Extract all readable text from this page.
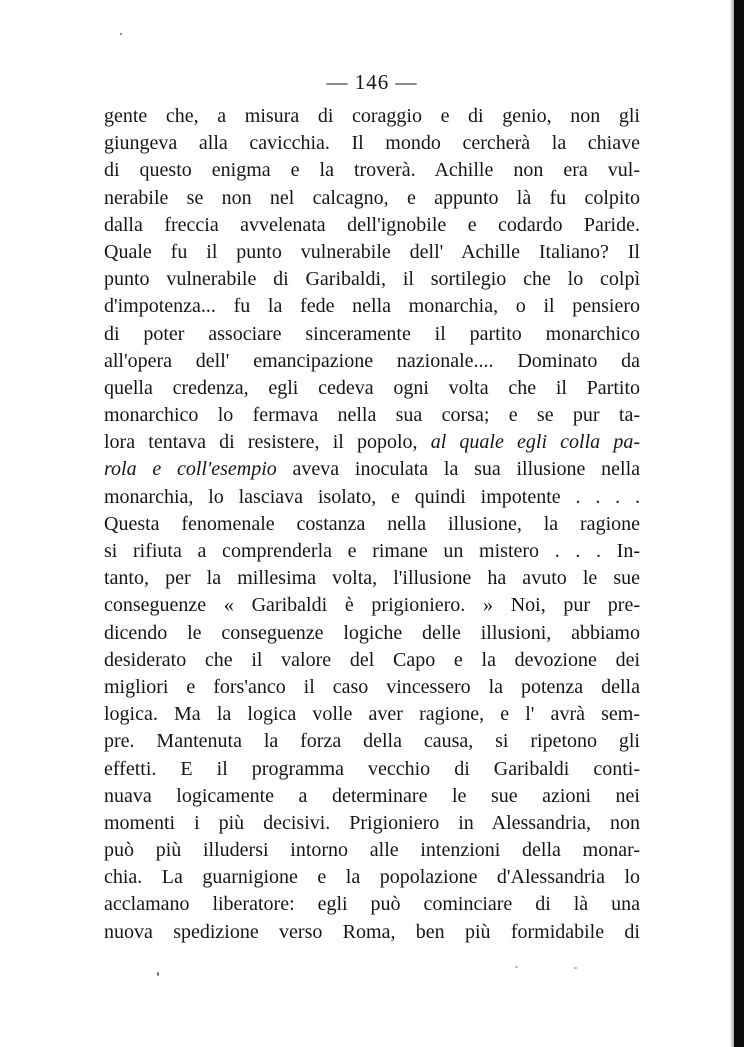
— 146 —
gente che, a misura di coraggio e di genio, non gli
giungeva alla cavicchia. Il mondo cercherà la chiave
di questo enigma e la troverà. Achille non era vul-
nerabile se non nel calcagno, e appunto là fu colpito
dalla freccia avvelenata dell'ignobile e codardo Paride.
Quale fu il punto vulnerabile dell' Achille Italiano? Il
punto vulnerabile di Garibaldi, il sortilegio che lo colpì
d'impotenza... fu la fede nella monarchia, o il pensiero
di poter associare sinceramente il partito monarchico
all'opera dell' emancipazione nazionale.... Dominato da
quella credenza, egli cedeva ogni volta che il Partito
monarchico lo fermava nella sua corsa; e se pur ta-
lora tentava di resistere, il popolo, al quale egli colla pa-
rola e coll'esempio aveva inoculata la sua illusione nella
monarchia, lo lasciava isolato, e quindi impotente . . . .
Questa fenomenale costanza nella illusione, la ragione
si rifiuta a comprenderla e rimane un mistero . . . In-
tanto, per la millesima volta, l'illusione ha avuto le sue
conseguenze « Garibaldi è prigioniero. » Noi, pur pre-
dicendo le conseguenze logiche delle illusioni, abbiamo
desiderato che il valore del Capo e la devozione dei
migliori e fors'anco il caso vincessero la potenza della
logica. Ma la logica volle aver ragione, e l' avrà sem-
pre. Mantenuta la forza della causa, si ripetono gli
effetti. E il programma vecchio di Garibaldi conti-
nuava logicamente a determinare le sue azioni nei
momenti i più decisivi. Prigioniero in Alessandria, non
può più illudersi intorno alle intenzioni della monar-
chia. La guarnigione e la popolazione d'Alessandria lo
acclamano liberatore: egli può cominciare di là una
nuova spedizione verso Roma, ben più formidabile di
